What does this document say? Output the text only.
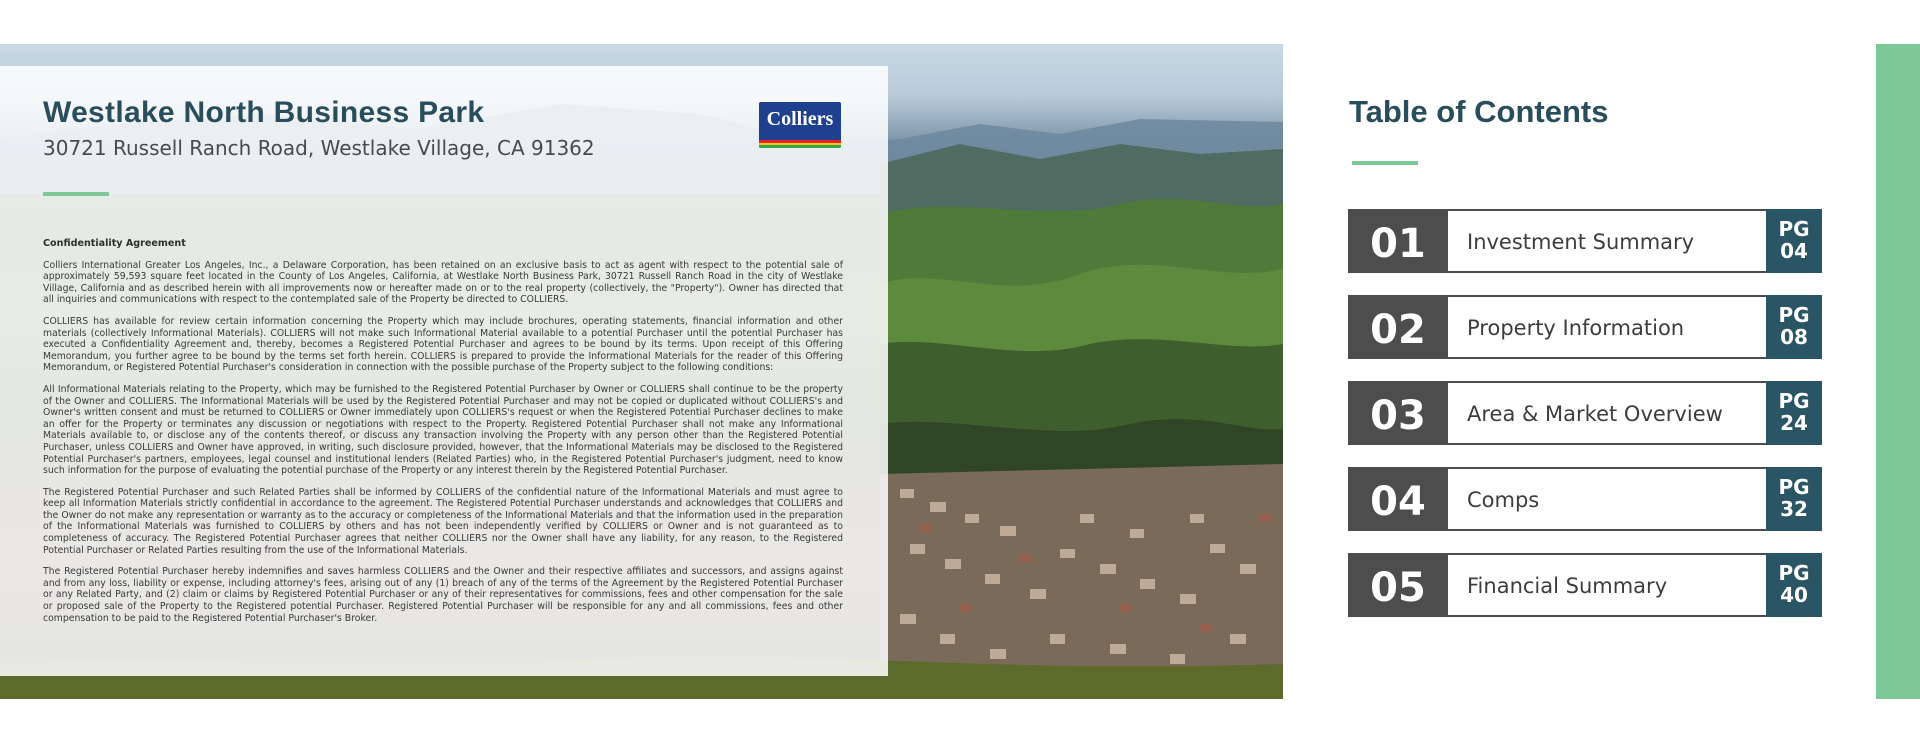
Westlake North Business Park
30721 Russell Ranch Road, Westlake Village, CA 91362
Colliers
Confidentiality Agreement

Colliers International Greater Los Angeles, Inc., a Delaware Corporation, has been retained on an exclusive basis to act as agent with respect to the potential sale of approximately 59,593 square feet located in the County of Los Angeles, California, at Westlake North Business Park, 30721 Russell Ranch Road in the city of Westlake Village, California and as described herein with all improvements now or hereafter made on or to the real property (collectively, the "Property"). Owner has directed that all inquiries and communications with respect to the contemplated sale of the Property be directed to COLLIERS.

COLLIERS has available for review certain information concerning the Property which may include brochures, operating statements, financial information and other materials (collectively Informational Materials). COLLIERS will not make such Informational Material available to a potential Purchaser until the potential Purchaser has executed a Confidentiality Agreement and, thereby, becomes a Registered Potential Purchaser and agrees to be bound by its terms. Upon receipt of this Offering Memorandum, you further agree to be bound by the terms set forth herein. COLLIERS is prepared to provide the Informational Materials for the reader of this Offering Memorandum, or Registered Potential Purchaser's consideration in connection with the possible purchase of the Property subject to the following conditions:

All Informational Materials relating to the Property, which may be furnished to the Registered Potential Purchaser by Owner or COLLIERS shall continue to be the property of the Owner and COLLIERS. The Informational Materials will be used by the Registered Potential Purchaser and may not be copied or duplicated without COLLIERS's and Owner's written consent and must be returned to COLLIERS or Owner immediately upon COLLIERS's request or when the Registered Potential Purchaser declines to make an offer for the Property or terminates any discussion or negotiations with respect to the Property. Registered Potential Purchaser shall not make any Informational Materials available to, or disclose any of the contents thereof, or discuss any transaction involving the Property with any person other than the Registered Potential Purchaser, unless COLLIERS and Owner have approved, in writing, such disclosure provided, however, that the Informational Materials may be disclosed to the Registered Potential Purchaser's partners, employees, legal counsel and institutional lenders (Related Parties) who, in the Registered Potential Purchaser's judgment, need to know such information for the purpose of evaluating the potential purchase of the Property or any interest therein by the Registered Potential Purchaser.

The Registered Potential Purchaser and such Related Parties shall be informed by COLLIERS of the confidential nature of the Informational Materials and must agree to keep all Information Materials strictly confidential in accordance to the agreement. The Registered Potential Purchaser understands and acknowledges that COLLIERS and the Owner do not make any representation or warranty as to the accuracy or completeness of the Informational Materials and that the information used in the preparation of the Informational Materials was furnished to COLLIERS by others and has not been independently verified by COLLIERS or Owner and is not guaranteed as to completeness of accuracy. The Registered Potential Purchaser agrees that neither COLLIERS nor the Owner shall have any liability, for any reason, to the Registered Potential Purchaser or Related Parties resulting from the use of the Informational Materials.

The Registered Potential Purchaser hereby indemnifies and saves harmless COLLIERS and the Owner and their respective affiliates and successors, and assigns against and from any loss, liability or expense, including attorney's fees, arising out of any (1) breach of any of the terms of the Agreement by the Registered Potential Purchaser or any Related Party, and (2) claim or claims by Registered Potential Purchaser or any of their representatives for commissions, fees and other compensation for the sale or proposed sale of the Property to the Registered potential Purchaser. Registered Potential Purchaser will be responsible for any and all commissions, fees and other compensation to be paid to the Registered Potential Purchaser's Broker.

Table of Contents
01	Investment Summary
PG
04
02	Property Information
PG
08
03	Area & Market Overview
PG
24
04	Comps
PG
32
05	Financial Summary
PG
40
